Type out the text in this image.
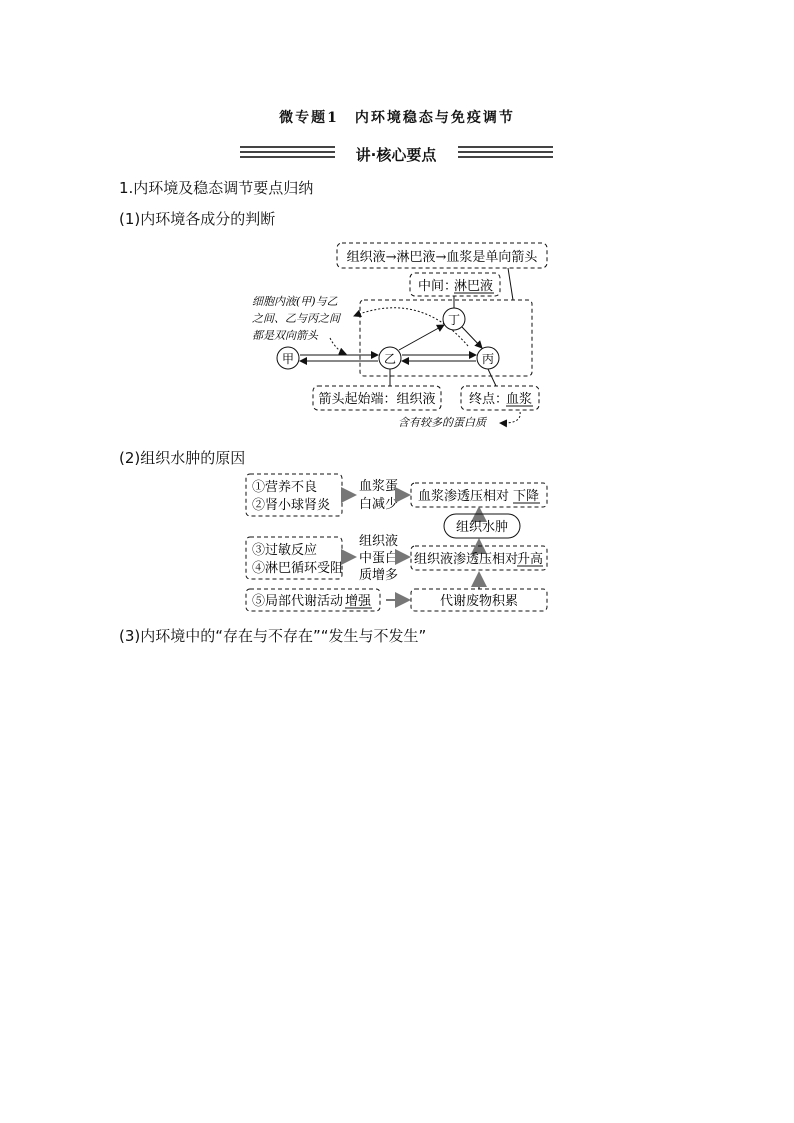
微专题1　内环境稳态与免疫调节
讲·核心要点
1.内环境及稳态调节要点归纳
(1)内环境各成分的判断
(2)组织水肿的原因
(3)内环境中的“存在与不存在”“发生与不发生”
组织液→淋巴液→血浆是单向箭头
中间：
淋巴液
细胞内液(甲)与乙
之间、乙与丙之间
都是双向箭头
甲	乙	丙
丁
箭头起始端：组织液	终点：
血浆
含有较多的蛋白质
①营养不良
②肾小球肾炎
血浆蛋
白减少
血浆渗透压相对 下降
组织水肿
③过敏反应
④淋巴循环受阻
组织液
中蛋白
质增多
组织液渗透压相对
升高
⑤局部代谢活动 增强	代谢废物积累
